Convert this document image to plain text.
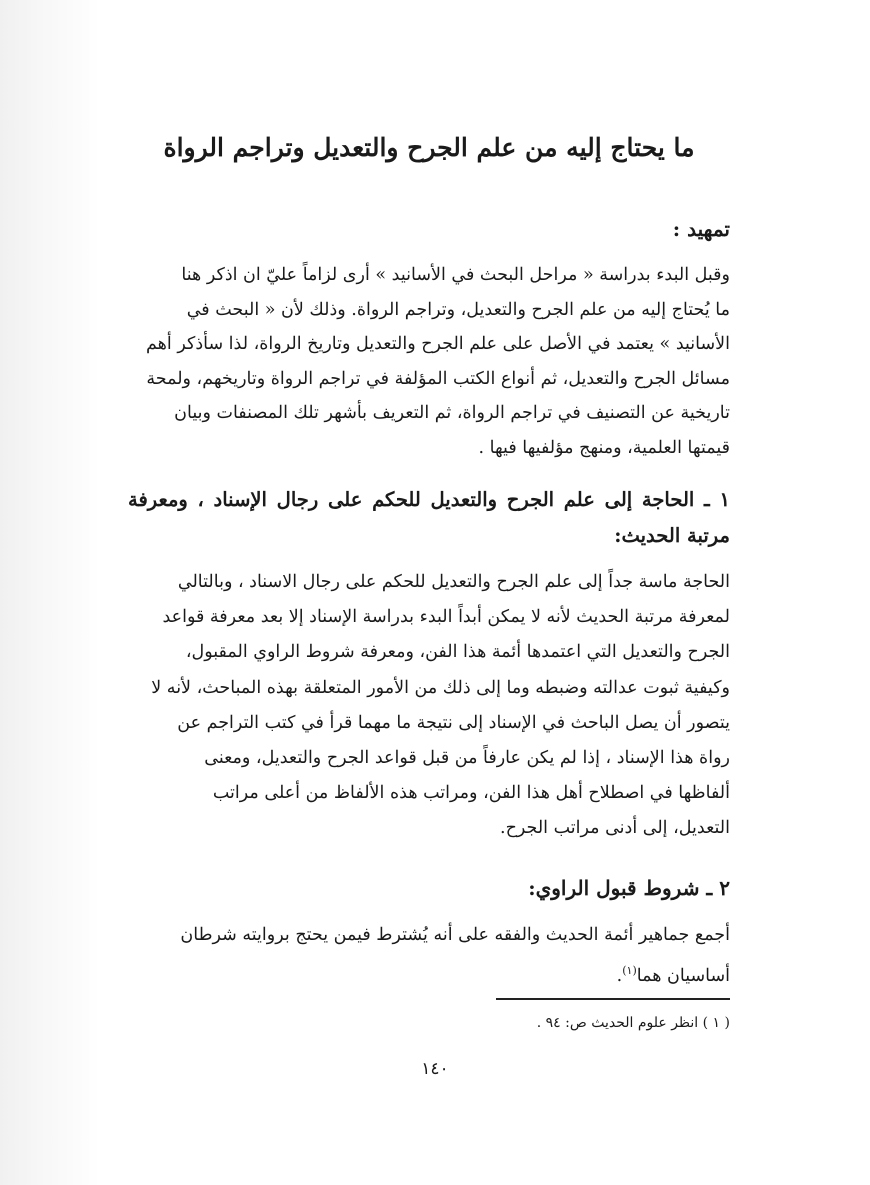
ما يحتاج إليه من علم الجرح والتعديل وتراجم الرواة
تمهيد :

وقبل البدء بدراسة « مراحل البحث في الأسانيد » أرى لزاماً عليّ ان اذكر هنا
ما يُحتاج إليه من علم الجرح والتعديل، وتراجم الرواة. وذلك لأن « البحث في
الأسانيد » يعتمد في الأصل على علم الجرح والتعديل وتاريخ الرواة، لذا سأذكر أهم
مسائل الجرح والتعديل، ثم أنواع الكتب المؤلفة في تراجم الرواة وتاريخهم، ولمحة
تاريخية عن التصنيف في تراجم الرواة، ثم التعريف بأشهر تلك المصنفات وبيان
قيمتها العلمية، ومنهج مؤلفيها فيها .

١ ـ الحاجة إلى علم الجرح والتعديل للحكم على رجال الإسناد ، ومعرفة
مرتبة الحديث:

الحاجة ماسة جداً إلى علم الجرح والتعديل للحكم على رجال الاسناد ، وبالتالي
لمعرفة مرتبة الحديث لأنه لا يمكن أبداً البدء بدراسة الإسناد إلا بعد معرفة قواعد
الجرح والتعديل التي اعتمدها أئمة هذا الفن، ومعرفة شروط الراوي المقبول،
وكيفية ثبوت عدالته وضبطه وما إلى ذلك من الأمور المتعلقة بهذه المباحث، لأنه لا
يتصور أن يصل الباحث في الإسناد إلى نتيجة ما مهما قرأ في كتب التراجم عن
رواة هذا الإسناد ، إذا لم يكن عارفاً من قبل قواعد الجرح والتعديل، ومعنى
ألفاظها في اصطلاح أهل هذا الفن، ومراتب هذه الألفاظ من أعلى مراتب
التعديل، إلى أدنى مراتب الجرح.

٢ ـ شروط قبول الراوي:

أجمع جماهير أئمة الحديث والفقه على أنه يُشترط فيمن يحتج بروايته شرطان
أساسيان هما$^{(١)}$.

( ١ ) انظر علوم الحديث ص: ٩٤ .
١٤٠
